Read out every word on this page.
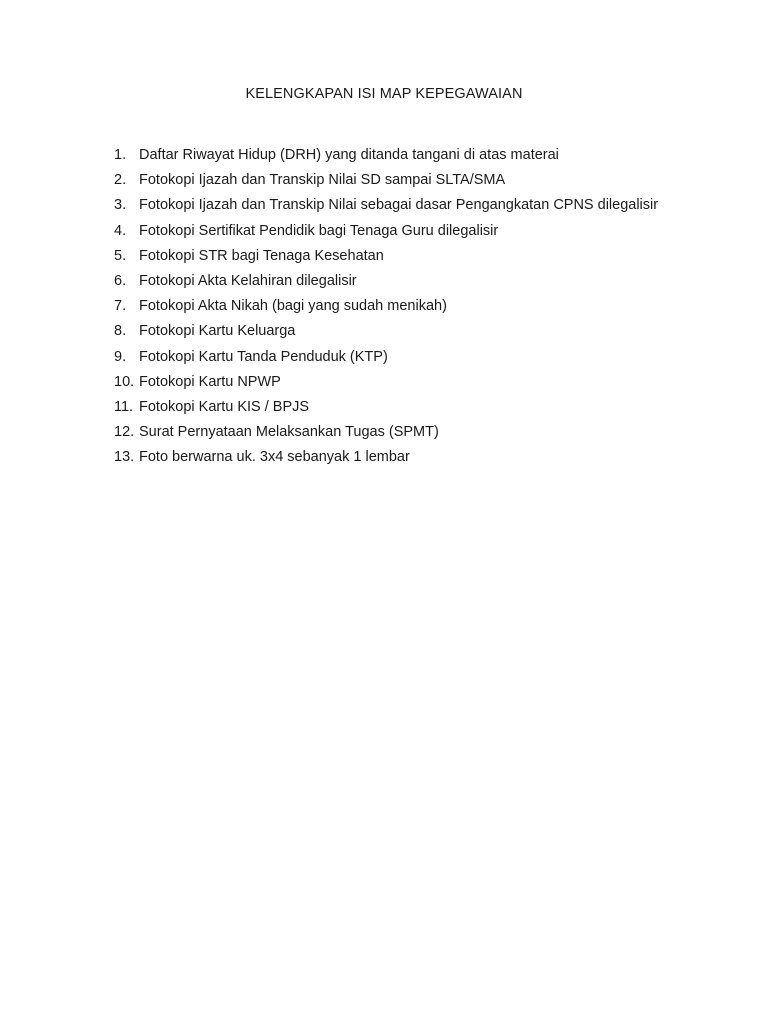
KELENGKAPAN ISI MAP KEPEGAWAIAN
1. Daftar Riwayat Hidup (DRH) yang ditanda tangani di atas materai
2. Fotokopi Ijazah dan Transkip Nilai SD sampai SLTA/SMA
3. Fotokopi Ijazah dan Transkip Nilai sebagai dasar Pengangkatan CPNS dilegalisir
4. Fotokopi Sertifikat Pendidik bagi Tenaga Guru dilegalisir
5. Fotokopi STR bagi Tenaga Kesehatan
6. Fotokopi Akta Kelahiran dilegalisir
7. Fotokopi Akta Nikah (bagi yang sudah menikah)
8. Fotokopi Kartu Keluarga
9. Fotokopi Kartu Tanda Penduduk (KTP)
10. Fotokopi Kartu NPWP
11. Fotokopi Kartu KIS / BPJS
12. Surat Pernyataan Melaksankan Tugas (SPMT)
13. Foto berwarna uk. 3x4 sebanyak 1 lembar
